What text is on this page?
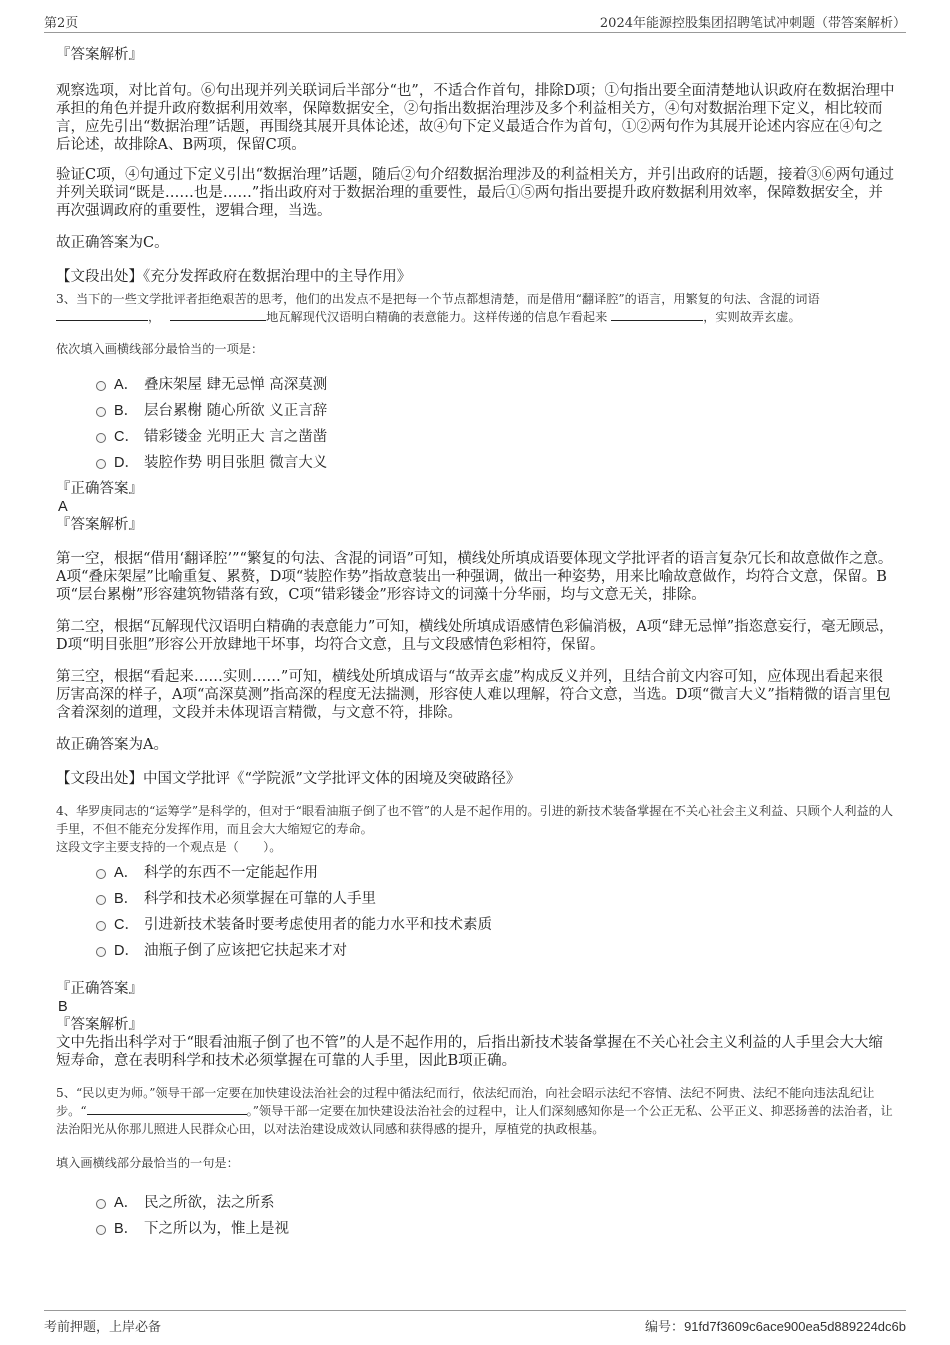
第2页	2024年能源控股集团招聘笔试冲刺题（带答案解析）

『答案解析』

观察选项，对比首句。⑥句出现并列关联词后半部分“也”，不适合作首句，排除D项；①句指出要全面清楚地认识政府在数据治理中承担的角色并提升政府数据利用效率，保障数据安全，②句指出数据治理涉及多个利益相关方，④句对数据治理下定义，相比较而言，应先引出“数据治理”话题，再围绕其展开具体论述，故④句下定义最适合作为首句，①②两句作为其展开论述内容应在④句之后论述，故排除A、B两项，保留C项。

验证C项，④句通过下定义引出“数据治理”话题，随后②句介绍数据治理涉及的利益相关方，并引出政府的话题，接着③⑥两句通过并列关联词“既是……也是……”指出政府对于数据治理的重要性，最后①⑤两句指出要提升政府数据利用效率，保障数据安全，并再次强调政府的重要性，逻辑合理，当选。

故正确答案为C。

【文段出处】《充分发挥政府在数据治理中的主导作用》

3、当下的一些文学批评者拒绝艰苦的思考，他们的出发点不是把每一个节点都想清楚，而是借用“翻译腔”的语言，用繁复的句法、含混的词语
，	地瓦解现代汉语明白精确的表意能力。这样传递的信息乍看起来	，实则故弄玄虚。

依次填入画横线部分最恰当的一项是：

A． 叠床架屋 肆无忌惮 高深莫测
B． 层台累榭 随心所欲 义正言辞
C． 错彩镂金 光明正大 言之凿凿
D． 装腔作势 明目张胆 微言大义

『正确答案』

A

『答案解析』

第一空，根据“借用‘翻译腔’”“繁复的句法、含混的词语”可知，横线处所填成语要体现文学批评者的语言复杂冗长和故意做作之意。A项“叠床架屋”比喻重复、累赘，D项“装腔作势”指故意装出一种强调，做出一种姿势，用来比喻故意做作，均符合文意，保留。B项“层台累榭”形容建筑物错落有致，C项“错彩镂金”形容诗文的词藻十分华丽，均与文意无关，排除。

第二空，根据“瓦解现代汉语明白精确的表意能力”可知，横线处所填成语感情色彩偏消极，A项“肆无忌惮”指恣意妄行，毫无顾忌，D项“明目张胆”形容公开放肆地干坏事，均符合文意，且与文段感情色彩相符，保留。

第三空，根据“看起来……实则……”可知，横线处所填成语与“故弄玄虚”构成反义并列，且结合前文内容可知，应体现出看起来很厉害高深的样子，A项“高深莫测”指高深的程度无法揣测，形容使人难以理解，符合文意，当选。D项“微言大义”指精微的语言里包含着深刻的道理，文段并未体现语言精微，与文意不符，排除。

故正确答案为A。

【文段出处】中国文学批评《“学院派”文学批评文体的困境及突破路径》

4、华罗庚同志的“运筹学”是科学的，但对于“眼看油瓶子倒了也不管”的人是不起作用的。引进的新技术装备掌握在不关心社会主义利益、只顾个人利益的人手里，不但不能充分发挥作用，而且会大大缩短它的寿命。

这段文字主要支持的一个观点是（　　）。

A． 科学的东西不一定能起作用
B． 科学和技术必须掌握在可靠的人手里
C． 引进新技术装备时要考虑使用者的能力水平和技术素质
D． 油瓶子倒了应该把它扶起来才对

『正确答案』

B

『答案解析』

文中先指出科学对于“眼看油瓶子倒了也不管”的人是不起作用的，后指出新技术装备掌握在不关心社会主义利益的人手里会大大缩短寿命，意在表明科学和技术必须掌握在可靠的人手里，因此B项正确。

5、“民以吏为师。”领导干部一定要在加快建设法治社会的过程中循法纪而行，依法纪而治，向社会昭示法纪不容情、法纪不阿贵、法纪不能向违法乱纪让步。“	。”领导干部一定要在加快建设法治社会的过程中，让人们深刻感知你是一个公正无私、公平正义、抑恶扬善的法治者，让法治阳光从你那儿照进人民群众心田，以对法治建设成效认同感和获得感的提升，厚植党的执政根基。

填入画横线部分最恰当的一句是：

A． 民之所欲，法之所系
B． 下之所以为，惟上是视
考前押题，上岸必备	编号：91fd7f3609c6ace900ea5d889224dc6b
